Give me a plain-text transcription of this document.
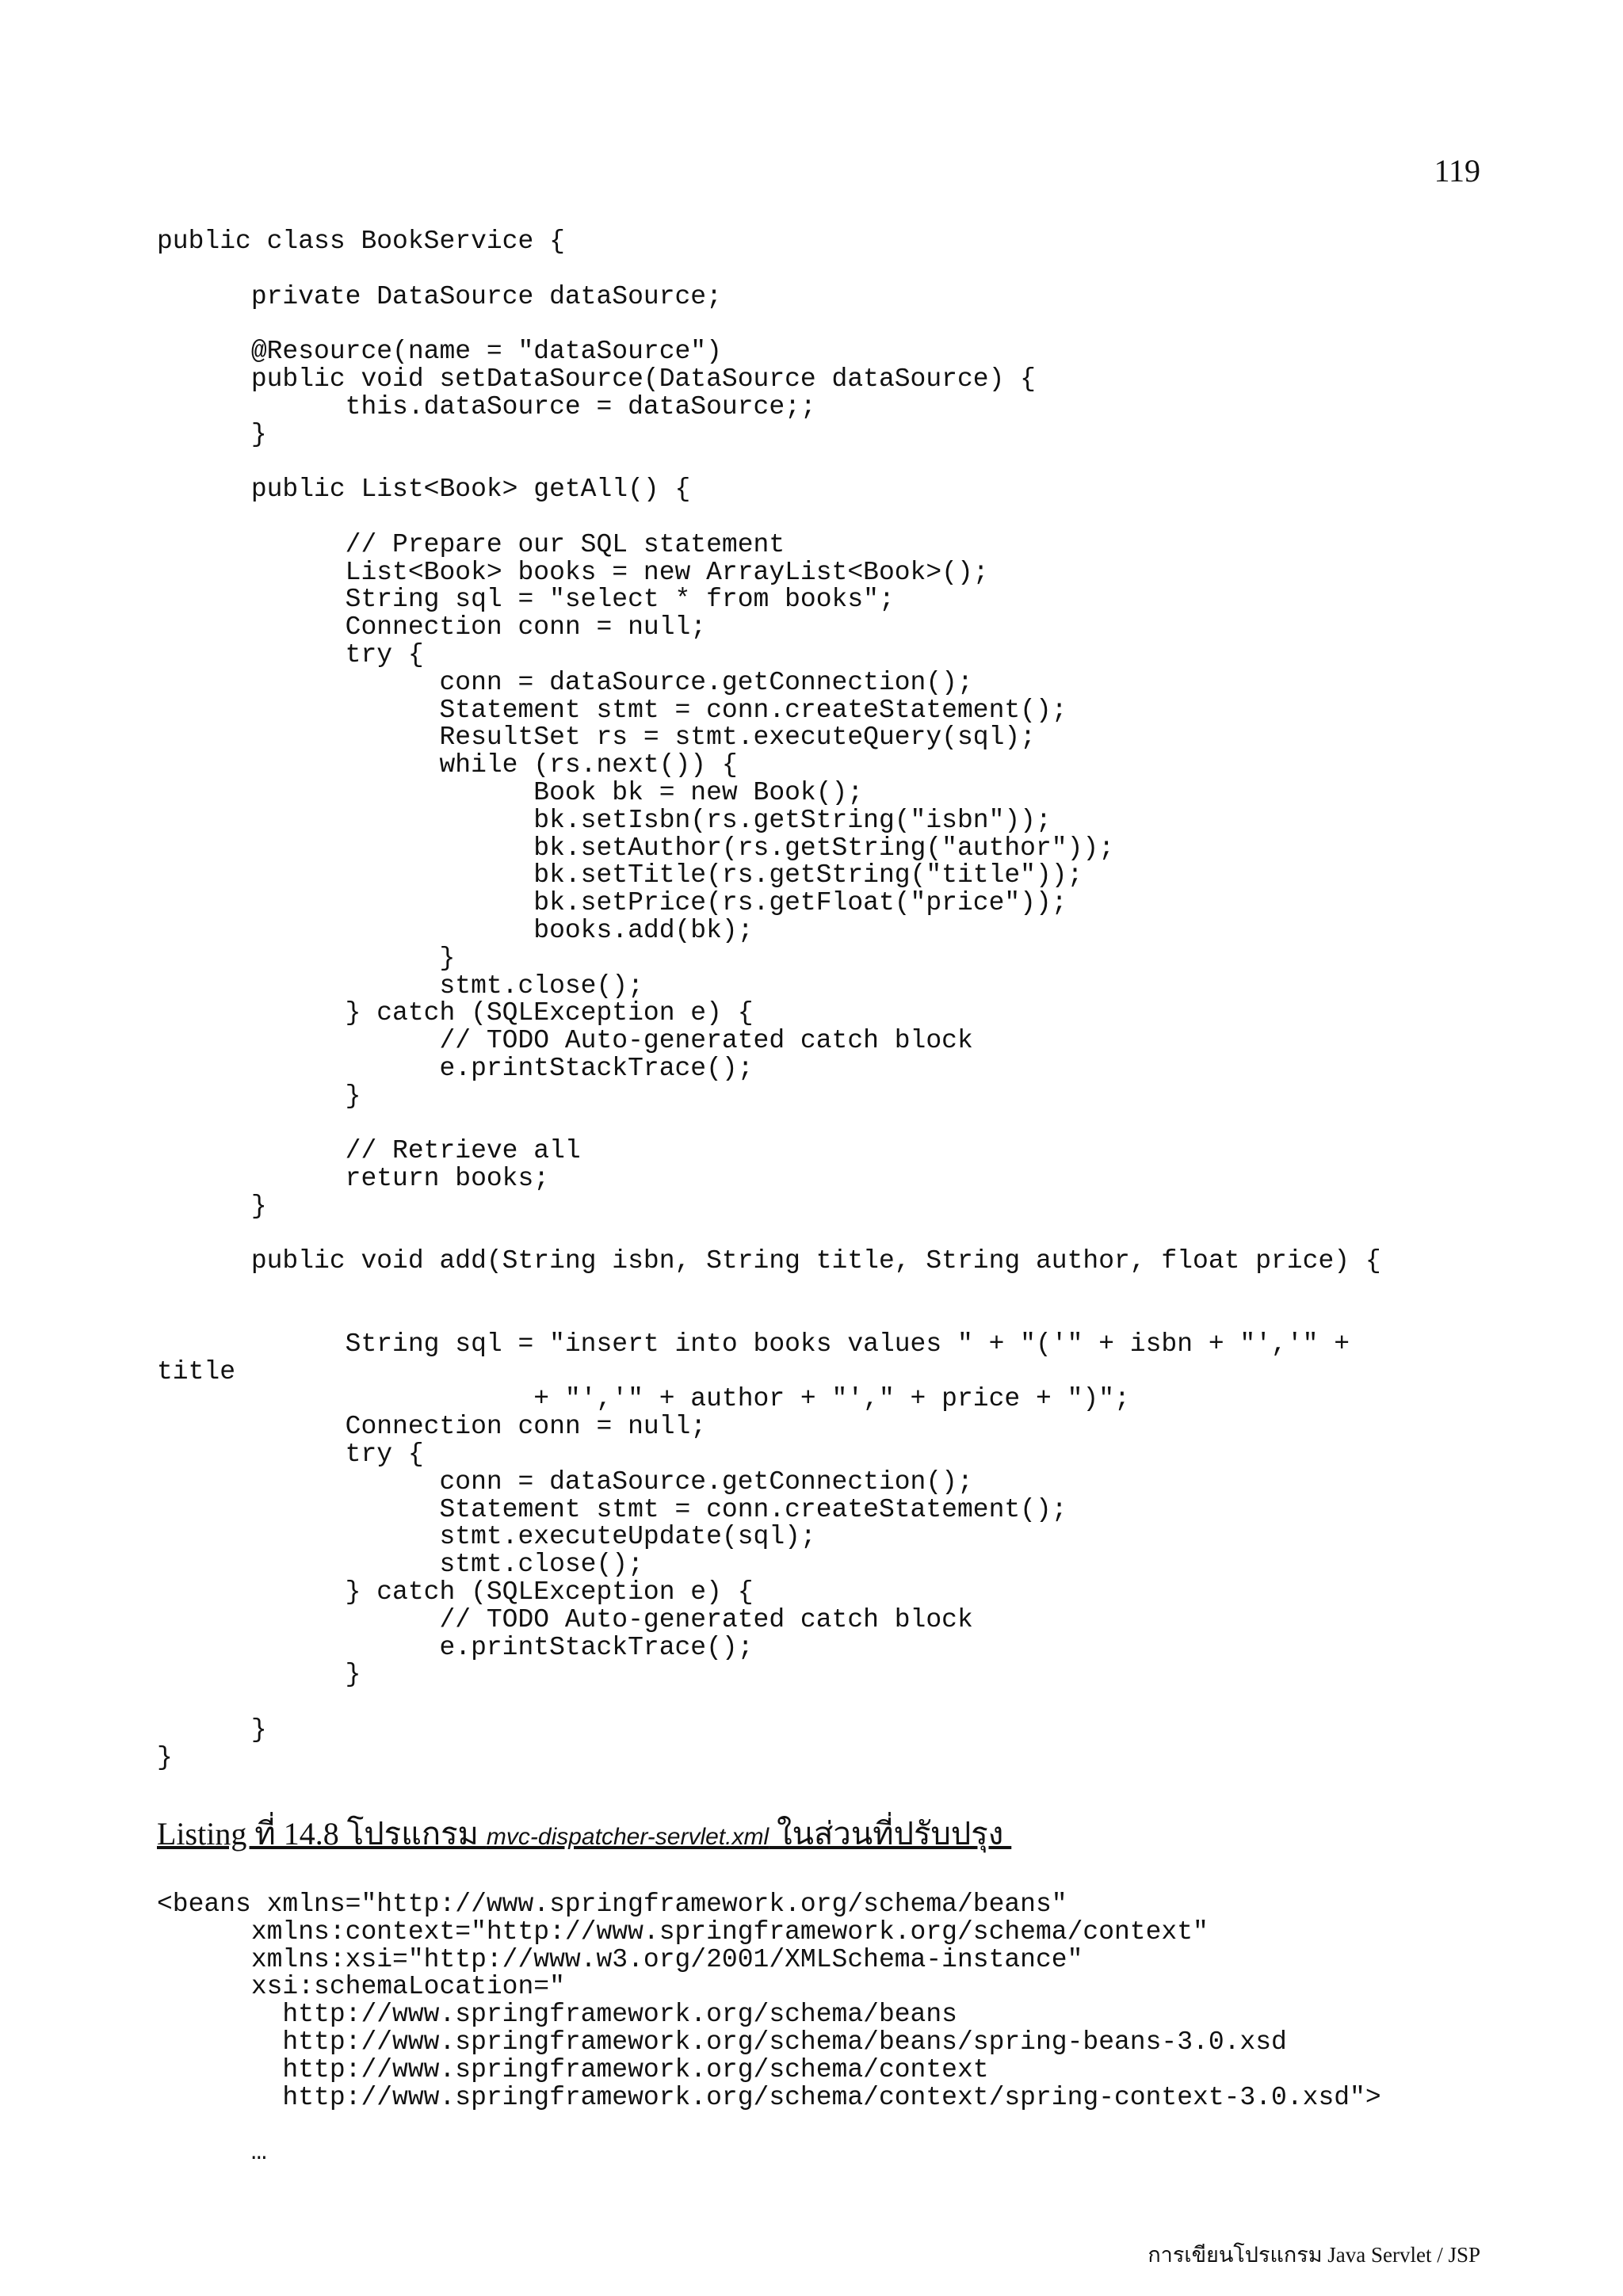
119
public class BookService {

private DataSource dataSource;

@Resource(name = "dataSource")
public void setDataSource(DataSource dataSource) {
this.dataSource = dataSource;;
}

public List<Book> getAll() {

// Prepare our SQL statement
List<Book> books = new ArrayList<Book>();
String sql = "select * from books";
Connection conn = null;
try {
conn = dataSource.getConnection();
Statement stmt = conn.createStatement();
ResultSet rs = stmt.executeQuery(sql);
while (rs.next()) {
Book bk = new Book();
bk.setIsbn(rs.getString("isbn"));
bk.setAuthor(rs.getString("author"));
bk.setTitle(rs.getString("title"));
bk.setPrice(rs.getFloat("price"));
books.add(bk);
}
stmt.close();
} catch (SQLException e) {
// TODO Auto-generated catch block
e.printStackTrace();
}

// Retrieve all
return books;
}

public void add(String isbn, String title, String author, float price) {

String sql = "insert into books values " + "('" + isbn + "','" +
title
+ "','" + author + "'," + price + ")";
Connection conn = null;
try {
conn = dataSource.getConnection();
Statement stmt = conn.createStatement();
stmt.executeUpdate(sql);
stmt.close();
} catch (SQLException e) {
// TODO Auto-generated catch block
e.printStackTrace();
}

}
}
Listing ที่ 14.8 โปรแกรม mvc-dispatcher-servlet.xml ในส่วนที่ปรับปรุง
<beans xmlns="http://www.springframework.org/schema/beans"
xmlns:context="http://www.springframework.org/schema/context"
xmlns:xsi="http://www.w3.org/2001/XMLSchema-instance"
xsi:schemaLocation="
http://www.springframework.org/schema/beans
http://www.springframework.org/schema/beans/spring-beans-3.0.xsd
http://www.springframework.org/schema/context
http://www.springframework.org/schema/context/spring-context-3.0.xsd">

…
การเขียนโปรแกรม Java Servlet / JSP
